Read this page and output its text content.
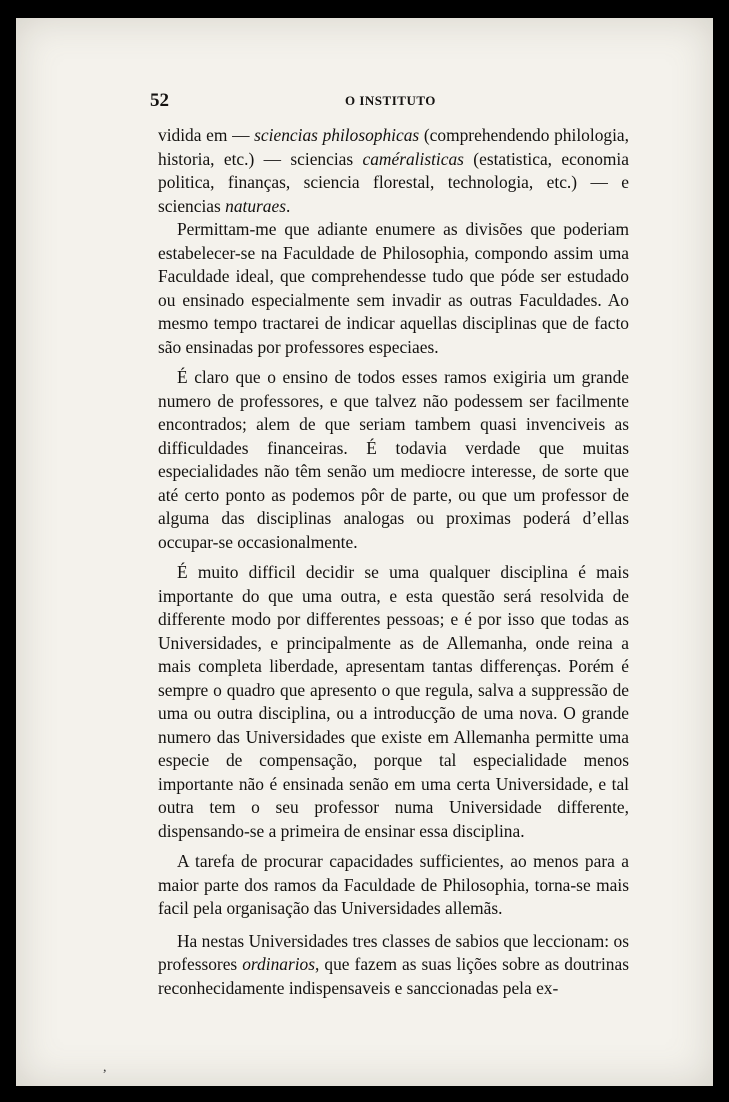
52	O INSTITUTO

vidida em — sciencias philosophicas (comprehendendo philologia, historia, etc.) — sciencias caméralisticas (estatistica, economia politica, finanças, sciencia florestal, technologia, etc.) — e sciencias naturaes.

Permittam-me que adiante enumere as divisões que poderiam estabelecer-se na Faculdade de Philosophia, compondo assim uma Faculdade ideal, que comprehendesse tudo que póde ser estudado ou ensinado especialmente sem invadir as outras Faculdades. Ao mesmo tempo tractarei de indicar aquellas disciplinas que de facto são ensinadas por professores especiaes.

É claro que o ensino de todos esses ramos exigiria um grande numero de professores, e que talvez não podessem ser facilmente encontrados; alem de que seriam tambem quasi invenciveis as difficuldades financeiras. É todavia verdade que muitas especialidades não têm senão um mediocre interesse, de sorte que até certo ponto as podemos pôr de parte, ou que um professor de alguma das disciplinas analogas ou proximas poderá d’ellas occupar-se occasionalmente.

É muito difficil decidir se uma qualquer disciplina é mais importante do que uma outra, e esta questão será resolvida de differente modo por differentes pessoas; e é por isso que todas as Universidades, e principalmente as de Allemanha, onde reina a mais completa liberdade, apresentam tantas differenças. Porém é sempre o quadro que apresento o que regula, salva a suppressão de uma ou outra disciplina, ou a introducção de uma nova. O grande numero das Universidades que existe em Allemanha permitte uma especie de compensação, porque tal especialidade menos importante não é ensinada senão em uma certa Universidade, e tal outra tem o seu professor numa Universidade differente, dispensando-se a primeira de ensinar essa disciplina.

A tarefa de procurar capacidades sufficientes, ao menos para a maior parte dos ramos da Faculdade de Philosophia, torna-se mais facil pela organisação das Universidades allemãs.

Ha nestas Universidades tres classes de sabios que leccionam: os professores ordinarios, que fazem as suas lições sobre as doutrinas reconhecidamente indispensaveis e sanccionadas pela ex-

,
